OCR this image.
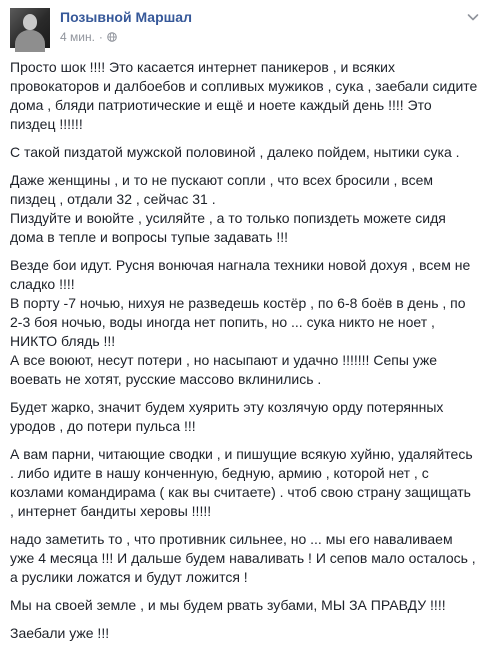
Позывной Маршал
4 мин. ·

Просто шок !!!! Это касается интернет паникеров , и всяких провокаторов и далбоебов и сопливых мужиков , сука , заебали сидите дома , бляди патриотические и ещё и ноете каждый день !!!! Это пиздец !!!!!!

С такой пиздатой мужской половиной , далеко пойдем, нытики сука .

Даже женщины , и то не пускают сопли , что всех бросили , всем пиздец , отдали 32 , сейчас 31 .
Пиздуйте и воюйте , усиляйте , а то только попиздеть можете сидя дома в тепле и вопросы тупые задавать !!!

Везде бои идут. Русня вонючая нагнала техники новой дохуя , всем не сладко !!!!
В порту -7 ночью, нихуя не разведешь костёр , по 6-8 боёв в день , по 2-3 боя ночью, воды иногда нет попить, но ... сука никто не ноет , НИКТО блядь !!!
А все воюют, несут потери , но насыпают и удачно !!!!!!! Сепы уже воевать не хотят, русские массово вклинились .

Будет жарко, значит будем хуярить эту козлячую орду потерянных уродов , до потери пульса !!!

А вам парни, читающие сводки , и пишущие всякую хуйню, удаляйтесь . либо идите в нашу конченную, бедную, армию , которой нет , с козлами командирама ( как вы считаете) . чтоб свою страну защищать , интернет бандиты херовы !!!!!

надо заметить то , что противник сильнее, но ... мы его наваливаем уже 4 месяца !!! И дальше будем наваливать ! И сепов мало осталось , а руслики ложатся и будут ложится !

Мы на своей земле , и мы будем рвать зубами, МЫ ЗА ПРАВДУ !!!!

Заебали уже !!!
